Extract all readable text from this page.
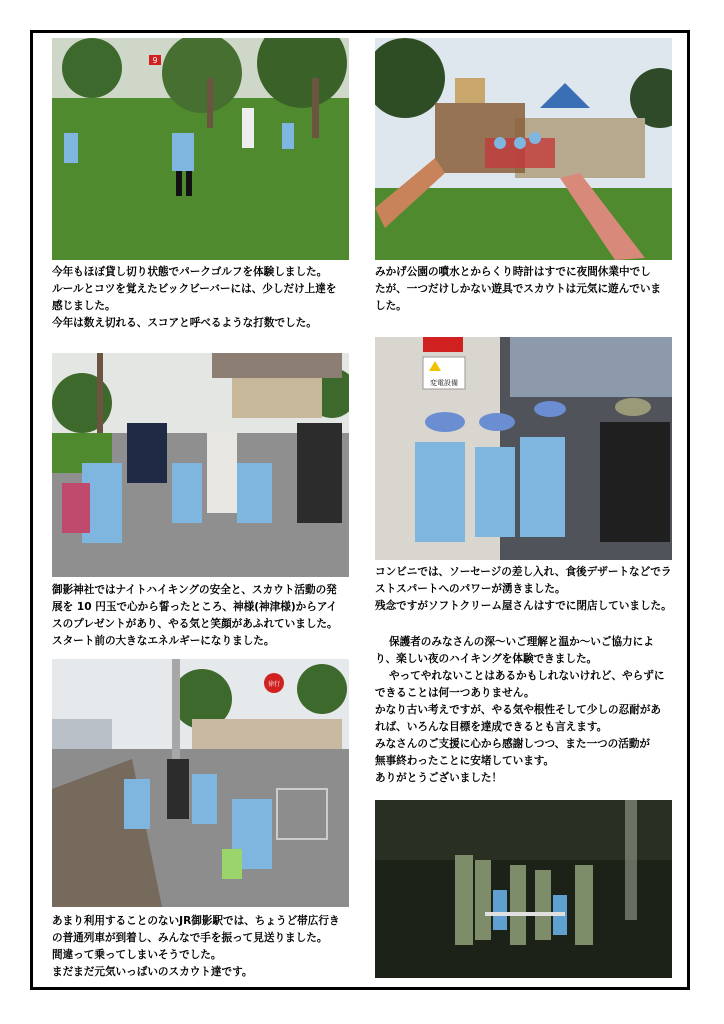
9
今年もほぼ貸し切り状態でパークゴルフを体験しました。
ルールとコツを覚えたビックビーバーには、少しだけ上達を
感じました。
今年は数え切れる、スコアと呼べるような打数でした。
みかげ公園の噴水とからくり時計はすでに夜間休業中でし
たが、一つだけしかない遊具でスカウトは元気に遊んでいま
した。
変電設備
御影神社ではナイトハイキングの安全と、スカウト活動の発
展を 10 円玉で心から誓ったところ、神様(神津様)からアイ
スのプレゼントがあり、やる気と笑顔があふれていました。
スタート前の大きなエネルギーになりました。
コンビニでは、ソーセージの差し入れ、食後デザートなどでラ
ストスパートへのパワーが湧きました。
残念ですがソフトクリーム屋さんはすでに閉店していました。
保護者のみなさんの深～いご理解と温か～いご協力によ
り、楽しい夜のハイキングを体験できました。
やってやれないことはあるかもしれないけれど、やらずに
できることは何一つありません。
かなり古い考えですが、やる気や根性そして少しの忍耐があ
れば、いろんな目標を達成できるとも言えます。
みなさんのご支援に心から感謝しつつ、また一つの活動が
無事終わったことに安堵しています。
ありがとうございました！
徐行
あまり利用することのないJR御影駅では、ちょうど帯広行き
の普通列車が到着し、みんなで手を振って見送りました。
間違って乗ってしまいそうでした。
まだまだ元気いっぱいのスカウト達です。
